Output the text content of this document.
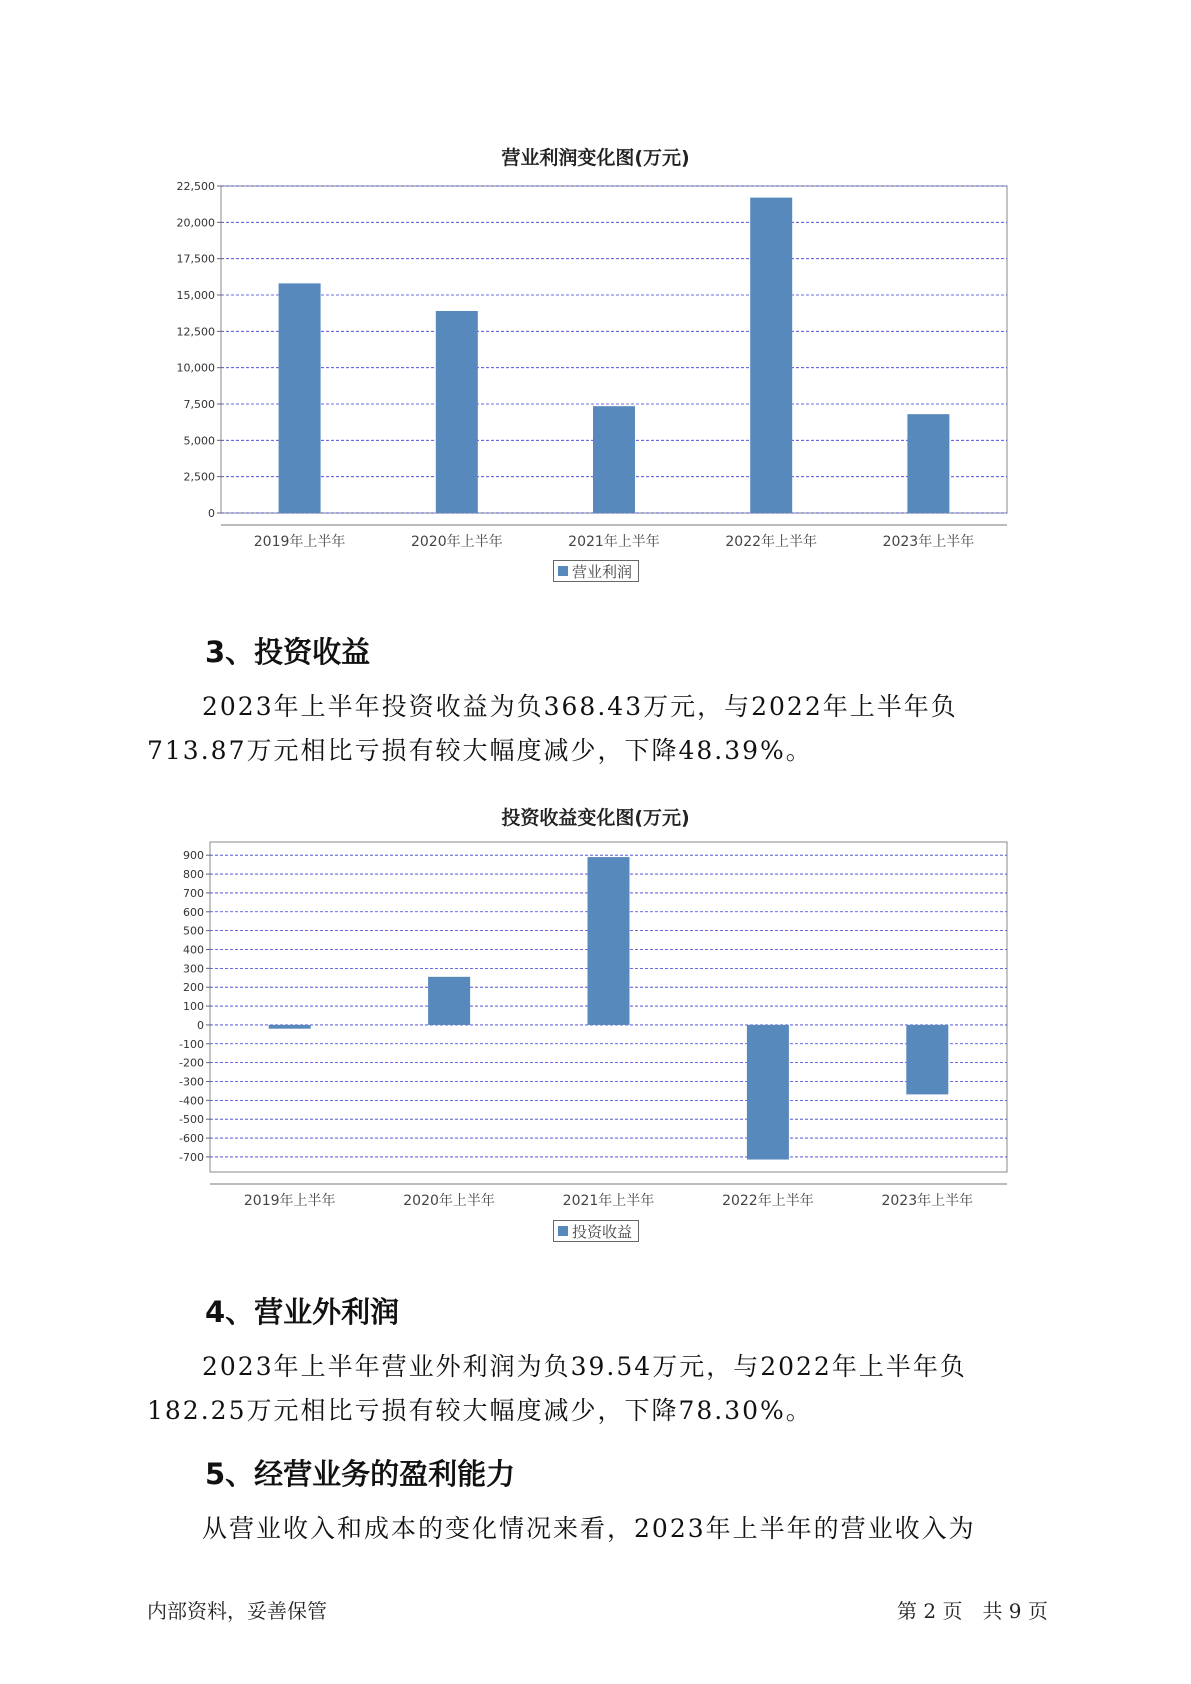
营业利润变化图(万元)
0
2,500
5,000
7,500
10,000
12,500
15,000
17,500
20,000
22,500
2019年上半年	2020年上半年	2021年上半年	2022年上半年	2023年上半年
营业利润
3、投资收益
2023年上半年投资收益为负368.43万元，与2022年上半年负713.87万元相比亏损有较大幅度减少，下降48.39%。
投资收益变化图(万元)
900
800
700
600
500
400
300
200
100
0
-100
-200
-300
-400
-500
-600
-700
2019年上半年	2020年上半年	2021年上半年	2022年上半年	2023年上半年
投资收益
4、营业外利润
2023年上半年营业外利润为负39.54万元，与2022年上半年负182.25万元相比亏损有较大幅度减少，下降78.30%。
5、经营业务的盈利能力
从营业收入和成本的变化情况来看，2023年上半年的营业收入为
内部资料，妥善保管	第 2 页　共 9 页
